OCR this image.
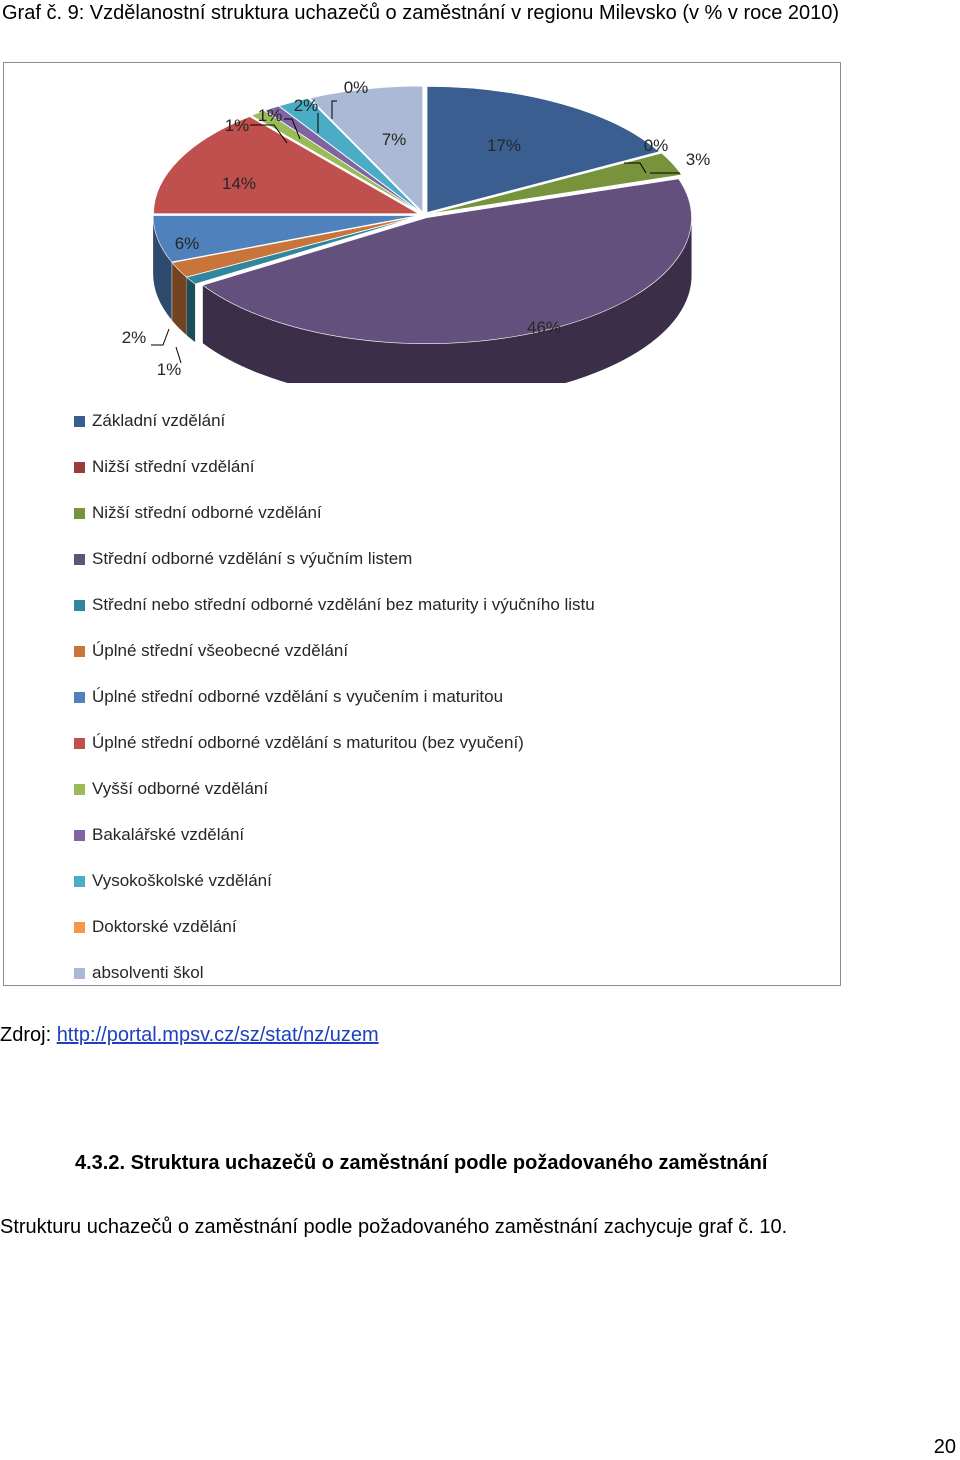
Graf č. 9: Vzdělanostní struktura uchazečů o zaměstnání v regionu Milevsko (v % v roce 2010)
17%	0%
3%
46%
1%
2%
6%
14%
1%
1%
2%
0%
7%
Základní vzdělání
Nižší střední vzdělání
Nižší střední odborné vzdělání
Střední odborné vzdělání s výučním listem
Střední nebo střední odborné vzdělání bez maturity i výučního listu
Úplné střední všeobecné vzdělání
Úplné střední odborné vzdělání s vyučením i maturitou
Úplné střední odborné vzdělání s maturitou (bez vyučení)
Vyšší odborné vzdělání
Bakalářské vzdělání
Vysokoškolské vzdělání
Doktorské vzdělání
absolventi škol
Zdroj: http://portal.mpsv.cz/sz/stat/nz/uzem
4.3.2. Struktura uchazečů o zaměstnání podle požadovaného zaměstnání
Strukturu uchazečů o zaměstnání podle požadovaného zaměstnání zachycuje graf č. 10.
20
